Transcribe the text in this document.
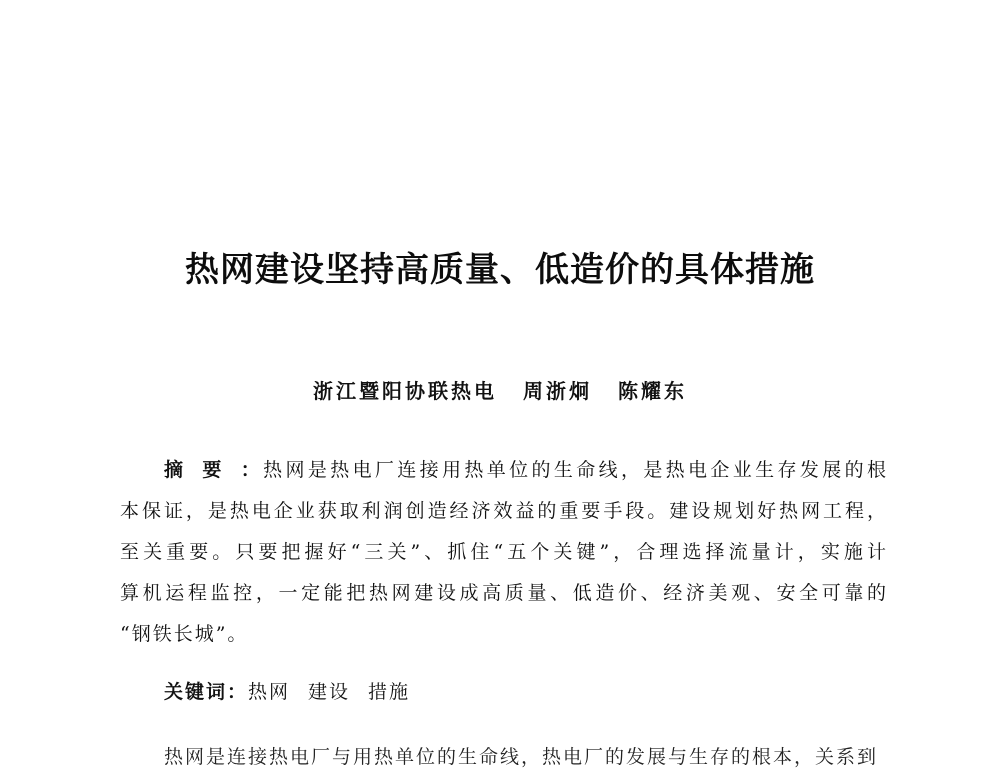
热网建设坚持高质量、低造价的具体措施
浙江暨阳协联热电 周浙炯 陈耀东
摘要：热网是热电厂连接用热单位的生命线，是热电企业生存发展的根
本保证，是热电企业获取利润创造经济效益的重要手段。建设规划好热网工程，
至关重要。只要把握好“三关”、抓住“五个关键”，合理选择流量计，实施计
算机运程监控，一定能把热网建设成高质量、低造价、经济美观、安全可靠的
“钢铁长城”。
关键词：热网 建设 措施
热网是连接热电厂与用热单位的生命线，热电厂的发展与生存的根本，关系到
